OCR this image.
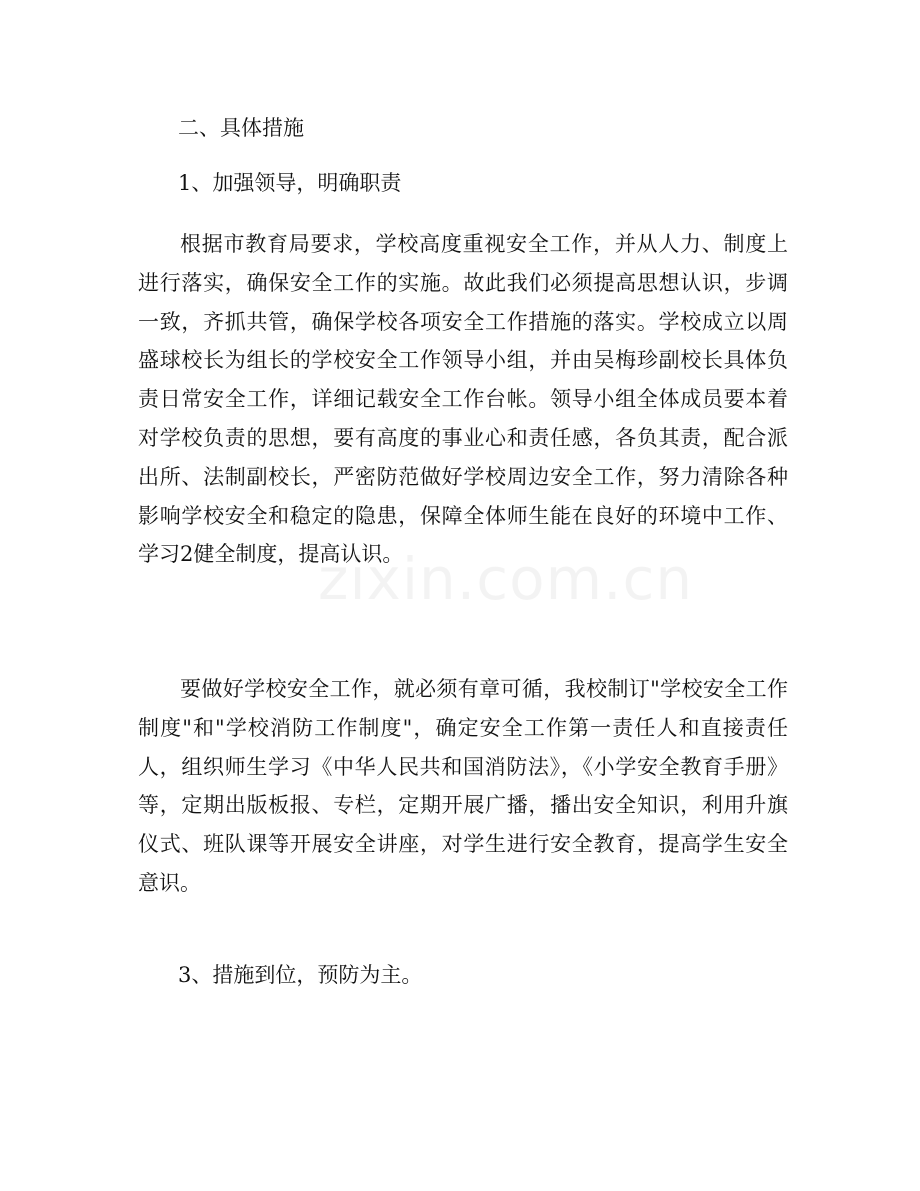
二、具体措施
1、加强领导，明确职责

根据市教育局要求，学校高度重视安全工作，并从人力、制度上进行落实，确保安全工作的实施。故此我们必须提高思想认识，步调一致，齐抓共管，确保学校各项安全工作措施的落实。学校成立以周盛球校长为组长的学校安全工作领导小组，并由吴梅珍副校长具体负责日常安全工作，详细记载安全工作台帐。领导小组全体成员要本着对学校负责的思想，要有高度的事业心和责任感，各负其责，配合派出所、法制副校长，严密防范做好学校周边安全工作，努力清除各种影响学校安全和稳定的隐患，保障全体师生能在良好的环境中工作、学习2健全制度，提高认识。

要做好学校安全工作，就必须有章可循，我校制订"学校安全工作制度"和"学校消防工作制度"，确定安全工作第一责任人和直接责任人，组织师生学习《中华人民共和国消防法》，《小学安全教育手册》等，定期出版板报、专栏，定期开展广播，播出安全知识，利用升旗仪式、班队课等开展安全讲座，对学生进行安全教育，提高学生安全意识。

3、措施到位，预防为主。
